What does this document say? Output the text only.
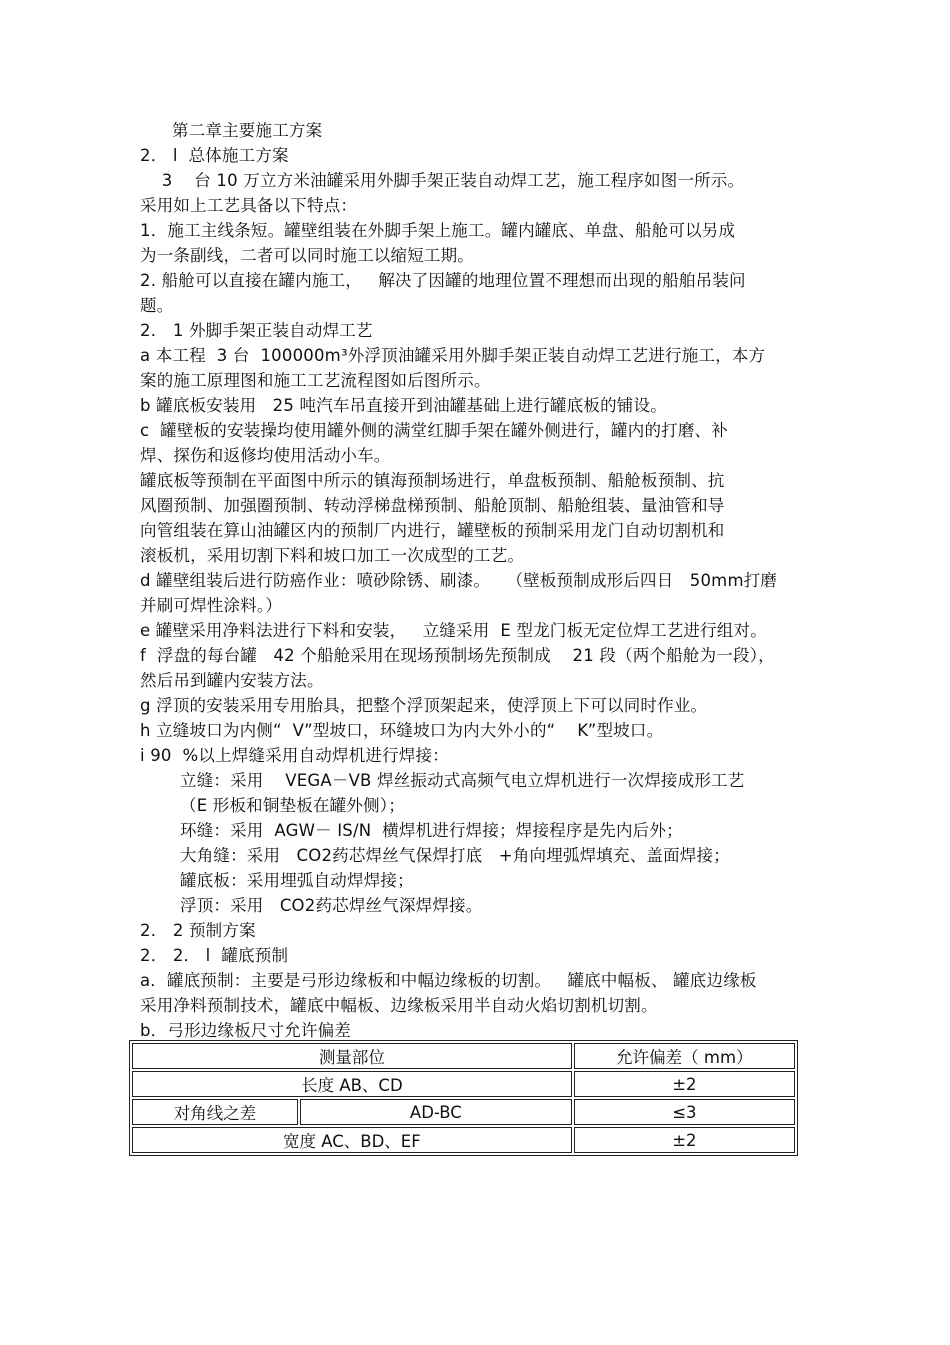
第二章主要施工方案
2． l  总体施工方案
3    台 10 万立方米油罐采用外脚手架正装自动焊工艺，施工程序如图一所示。
采用如上工艺具备以下特点：
1．施工主线条短。罐壁组装在外脚手架上施工。罐内罐底、单盘、船舱可以另成
为一条副线，二者可以同时施工以缩短工期。
2. 船舱可以直接在罐内施工，   解决了因罐的地理位置不理想而出现的船舶吊装问
题。
2． 1 外脚手架正装自动焊工艺
a 本工程  3 台  100000m³外浮顶油罐采用外脚手架正装自动焊工艺进行施工，本方
案的施工原理图和施工工艺流程图如后图所示。
b 罐底板安装用   25 吨汽车吊直接开到油罐基础上进行罐底板的铺设。
c  罐壁板的安装操均使用罐外侧的满堂红脚手架在罐外侧进行，罐内的打磨、补
焊、探伤和返修均使用活动小车。
罐底板等预制在平面图中所示的镇海预制场进行，单盘板预制、船舱板预制、抗
风圈预制、加强圈预制、转动浮梯盘梯预制、船舱顶制、船舱组装、量油管和导
向管组装在算山油罐区内的预制厂内进行，罐壁板的预制采用龙门自动切割机和
滚板机，采用切割下料和坡口加工一次成型的工艺。
d 罐壁组装后进行防癌作业：喷砂除锈、刷漆。   （壁板预制成形后四日   50mm打磨
并刷可焊性涂料。）
e 罐壁采用净料法进行下料和安装，   立缝采用  E 型龙门板无定位焊工艺进行组对。
f  浮盘的每台罐   42 个船舱采用在现场预制场先预制成    21 段（两个船舱为一段），
然后吊到罐内安装方法。
g 浮顶的安装采用专用胎具，把整个浮顶架起来，使浮顶上下可以同时作业。
h 立缝坡口为内侧“  V”型坡口，环缝坡口为内大外小的“    K”型坡口。
i 90  %以上焊缝采用自动焊机进行焊接：
立缝：采用    VEGA－VB 焊丝振动式高频气电立焊机进行一次焊接成形工艺
（E 形板和铜垫板在罐外侧）；
环缝：采用  AGW－ IS/N  横焊机进行焊接；焊接程序是先内后外；
大角缝：采用   CO2药芯焊丝气保焊打底   +角向埋弧焊填充、盖面焊接；
罐底板：采用埋弧自动焊焊接；
浮顶：采用   CO2药芯焊丝气深焊焊接。
2． 2 预制方案
2． 2． l  罐底预制
a．罐底预制：主要是弓形边缘板和中幅边缘板的切割。   罐底中幅板、 罐底边缘板
采用净料预制技术，罐底中幅板、边缘板采用半自动火焰切割机切割。
b．弓形边缘板尺寸允许偏差
测量部位		允许偏差（ mm）
长度 AB、CD		±2
对角线之差	AD-BC	≤3
宽度 AC、BD、EF		±2
